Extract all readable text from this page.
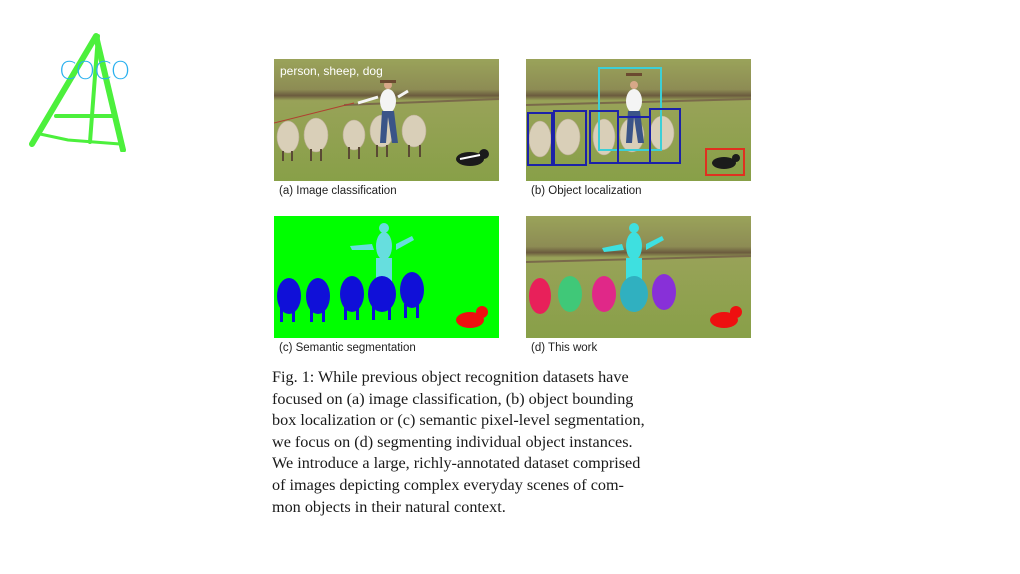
COCO	person, sheep, dog
(a) Image classification	(b) Object localization
(c) Semantic segmentation	(d) This work
Fig. 1: While previous object recognition datasets have
focused on (a) image classification, (b) object bounding
box localization or (c) semantic pixel-level segmentation,
we focus on (d) segmenting individual object instances.
We introduce a large, richly-annotated dataset comprised
of images depicting complex everyday scenes of com-
mon objects in their natural context.
